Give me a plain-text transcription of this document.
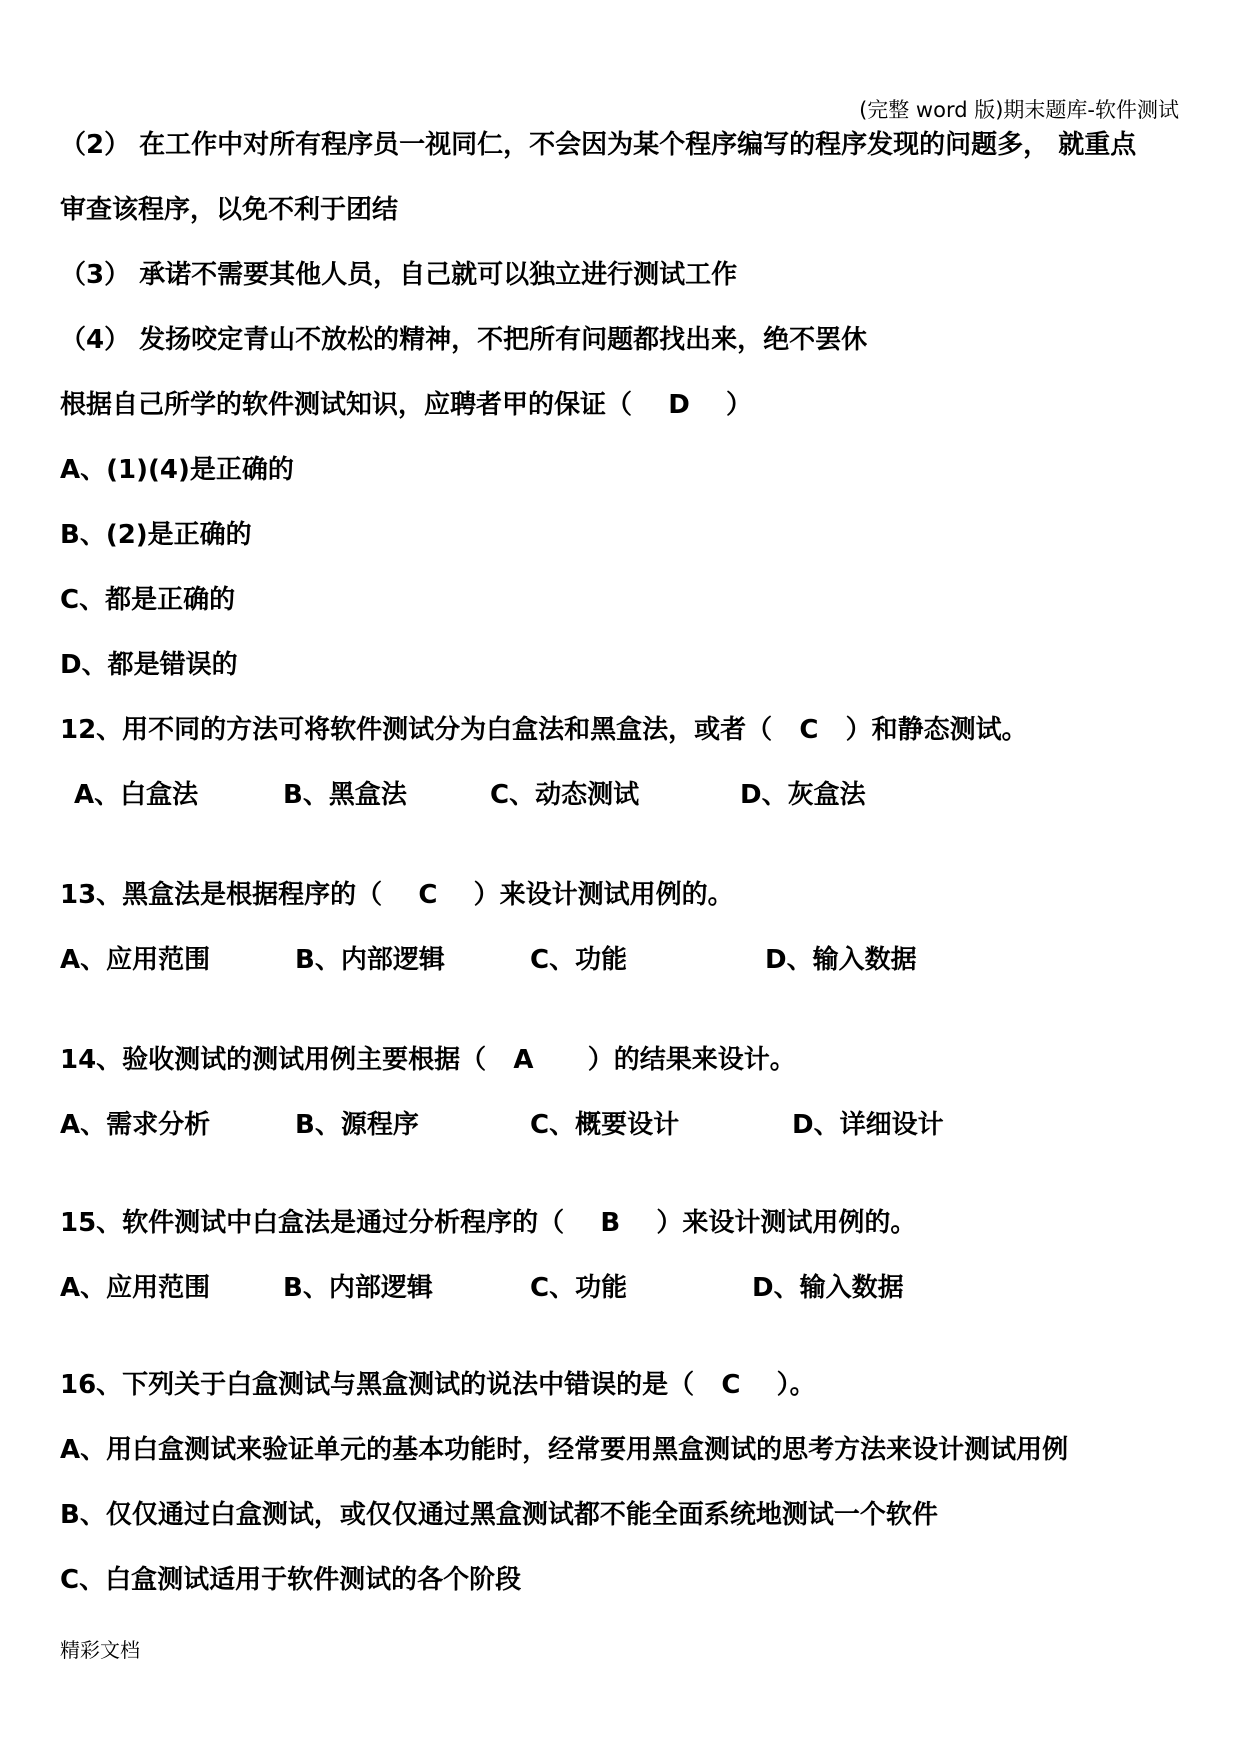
(完整 word 版)期末题库-软件测试
（2） 在工作中对所有程序员一视同仁，不会因为某个程序编写的程序发现的问题多， 就重点
审查该程序，以免不利于团结
（3） 承诺不需要其他人员，自己就可以独立进行测试工作
（4） 发扬咬定青山不放松的精神，不把所有问题都找出来，绝不罢休
根据自己所学的软件测试知识，应聘者甲的保证（    D    ）
A、(1)(4)是正确的
B、(2)是正确的
C、都是正确的
D、都是错误的
12、用不同的方法可将软件测试分为白盒法和黑盒法，或者（   C   ）和静态测试。
A、白盒法	B、黑盒法	C、动态测试	D、灰盒法
13、黑盒法是根据程序的（    C    ）来设计测试用例的。
A、应用范围	B、内部逻辑	C、功能	D、输入数据
14、验收测试的测试用例主要根据（   A      ）的结果来设计。
A、需求分析	B、源程序	C、概要设计	D、详细设计
15、软件测试中白盒法是通过分析程序的（    B    ）来设计测试用例的。
A、应用范围	B、内部逻辑	C、功能	D、输入数据
16、下列关于白盒测试与黑盒测试的说法中错误的是（   C    ）。
A、用白盒测试来验证单元的基本功能时，经常要用黑盒测试的思考方法来设计测试用例
B、仅仅通过白盒测试，或仅仅通过黑盒测试都不能全面系统地测试一个软件
C、白盒测试适用于软件测试的各个阶段
精彩文档
